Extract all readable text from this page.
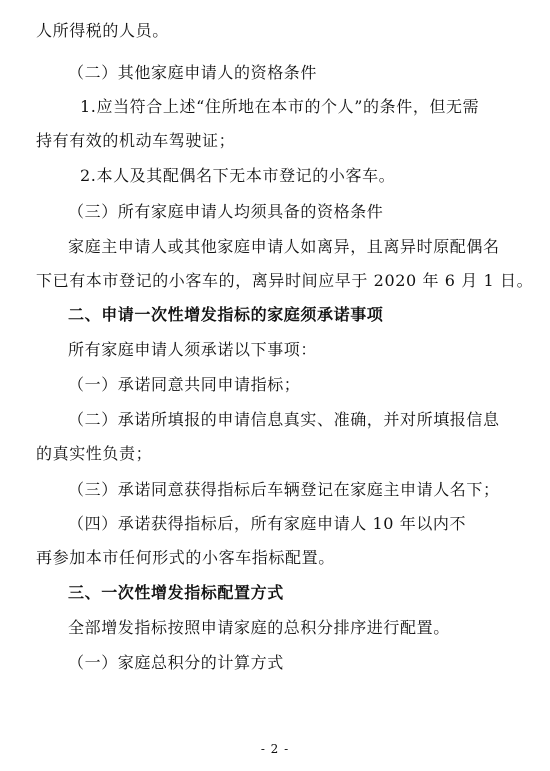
人所得税的人员。
（二）其他家庭申请人的资格条件
1.应当符合上述“住所地在本市的个人”的条件，但无需
持有有效的机动车驾驶证；
2.本人及其配偶名下无本市登记的小客车。
（三）所有家庭申请人均须具备的资格条件
家庭主申请人或其他家庭申请人如离异，且离异时原配偶名
下已有本市登记的小客车的，离异时间应早于 2020 年 6 月 1 日。
二、申请一次性增发指标的家庭须承诺事项
所有家庭申请人须承诺以下事项：
（一）承诺同意共同申请指标；
（二）承诺所填报的申请信息真实、准确，并对所填报信息
的真实性负责；
（三）承诺同意获得指标后车辆登记在家庭主申请人名下；
（四）承诺获得指标后，所有家庭申请人 10 年以内不
再参加本市任何形式的小客车指标配置。
三、一次性增发指标配置方式
全部增发指标按照申请家庭的总积分排序进行配置。
（一）家庭总积分的计算方式
- 2 -
